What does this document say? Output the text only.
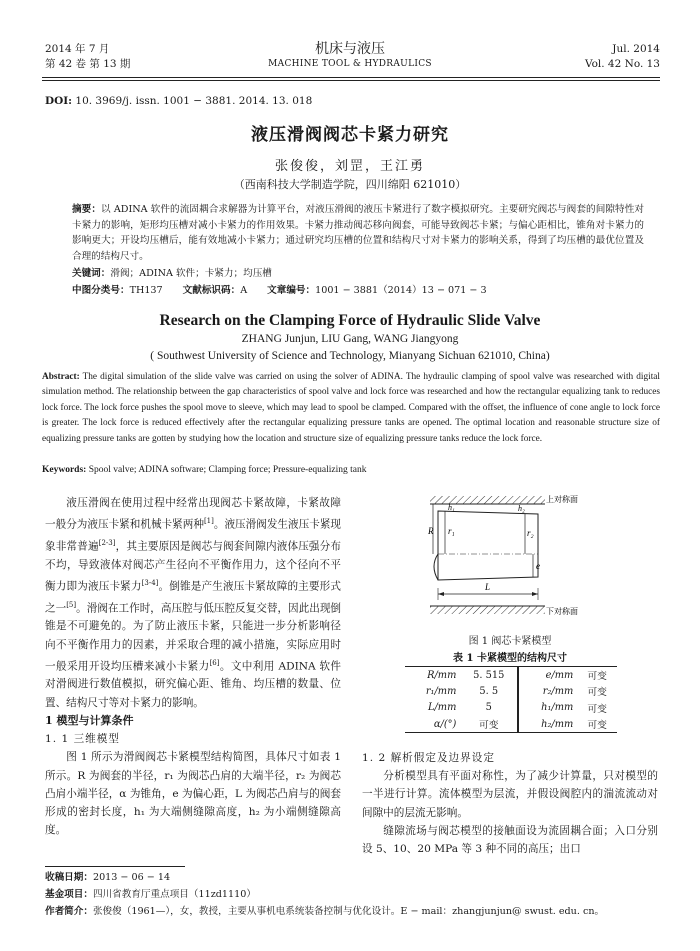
2014 年 7 月
第 42 卷 第 13 期
机床与液压
MACHINE TOOL & HYDRAULICS
Jul. 2014
Vol. 42 No. 13
DOI: 10. 3969/j. issn. 1001 − 3881. 2014. 13. 018
液压滑阀阀芯卡紧力研究
张俊俊，刘罡，王江勇
（西南科技大学制造学院，四川绵阳 621010）
摘要：以 ADINA 软件的流固耦合求解器为计算平台，对液压滑阀的液压卡紧进行了数字模拟研究。主要研究阀芯与阀套的间隙特性对卡紧力的影响，矩形均压槽对减小卡紧力的作用效果。卡紧力推动阀芯移向阀套，可能导致阀芯卡紧；与偏心距相比，锥角对卡紧力的影响更大；开设均压槽后，能有效地减小卡紧力；通过研究均压槽的位置和结构尺寸对卡紧力的影响关系，得到了均压槽的最优位置及合理的结构尺寸。
关键词：滑阀；ADINA 软件；卡紧力；均压槽
中图分类号：TH137 文献标识码：A 文章编号：1001 − 3881（2014）13 − 071 − 3
Research on the Clamping Force of Hydraulic Slide Valve
ZHANG Junjun, LIU Gang, WANG Jiangyong
( Southwest University of Science and Technology, Mianyang Sichuan 621010, China)
Abstract: The digital simulation of the slide valve was carried on using the solver of ADINA. The hydraulic clamping of spool valve was researched with digital simulation method. The relationship between the gap characteristics of spool valve and lock force was researched and how the rectangular equalizing tank to reduces lock force. The lock force pushes the spool move to sleeve, which may lead to spool be clamped. Compared with the offset, the influence of cone angle to lock force is greater. The lock force is reduced effectively after the rectangular equalizing pressure tanks are opened. The optimal location and reasonable structure size of equalizing pressure tanks are gotten by studying how the location and structure size of equalizing pressure tanks reduce the lock force.
Keywords: Spool valve; ADINA software; Clamping force; Pressure-equalizing tank

液压滑阀在使用过程中经常出现阀芯卡紧故障，卡紧故障一般分为液压卡紧和机械卡紧两种[1]。液压滑阀发生液压卡紧现象非常普遍[2-3]，其主要原因是阀芯与阀套间隙内液体压强分布不均，导致液体对阀芯产生径向不平衡作用力，这个径向不平衡力即为液压卡紧力[3-4]。倒锥是产生液压卡紧故障的主要形式之一[5]。滑阀在工作时，高压腔与低压腔反复交替，因此出现倒锥是不可避免的。为了防止液压卡紧，只能进一步分析影响径向不平衡作用力的因素，并采取合理的减小措施，实际应用时一般采用开设均压槽来减小卡紧力[6]。文中利用 ADINA 软件对滑阀进行数值模拟，研究偏心距、锥角、均压槽的数量、位置、结构尺寸等对卡紧力的影响。

1 模型与计算条件
1. 1 三维模型

图 1 所示为滑阀阀芯卡紧模型结构简图，具体尺寸如表 1 所示。R 为阀套的半径，r₁ 为阀芯凸肩的大端半径，r₂ 为阀芯凸肩小端半径，α 为锥角，e 为偏心距，L 为阀芯凸肩与的阀套形成的密封长度，h₁ 为大端侧缝隙高度，h₂ 为小端侧缝隙高度。

R r₁
h₁	h₂
r₂
e
L
上对称面
下对称面
图 1 阀芯卡紧模型
表 1 卡紧模型的结构尺寸
R/mm	5. 515	e/mm	可变
r₁/mm	5. 5	r₂/mm	可变
L/mm	5	h₁/mm	可变
α/(°)	可变	h₂/mm	可变
1. 2 解析假定及边界设定

分析模型具有平面对称性，为了减少计算量，只对模型的一半进行计算。流体模型为层流，并假设阀腔内的湍流流动对间隙中的层流无影响。

缝隙流场与阀芯模型的接触面设为流固耦合面；入口分别设 5、10、20 MPa 等 3 种不同的高压；出口

收稿日期：2013 − 06 − 14
基金项目：四川省教育厅重点项目（11zd1110）
作者简介：张俊俊（1961—），女，教授，主要从事机电系统装备控制与优化设计。E − mail：zhangjunjun@ swust. edu. cn。
